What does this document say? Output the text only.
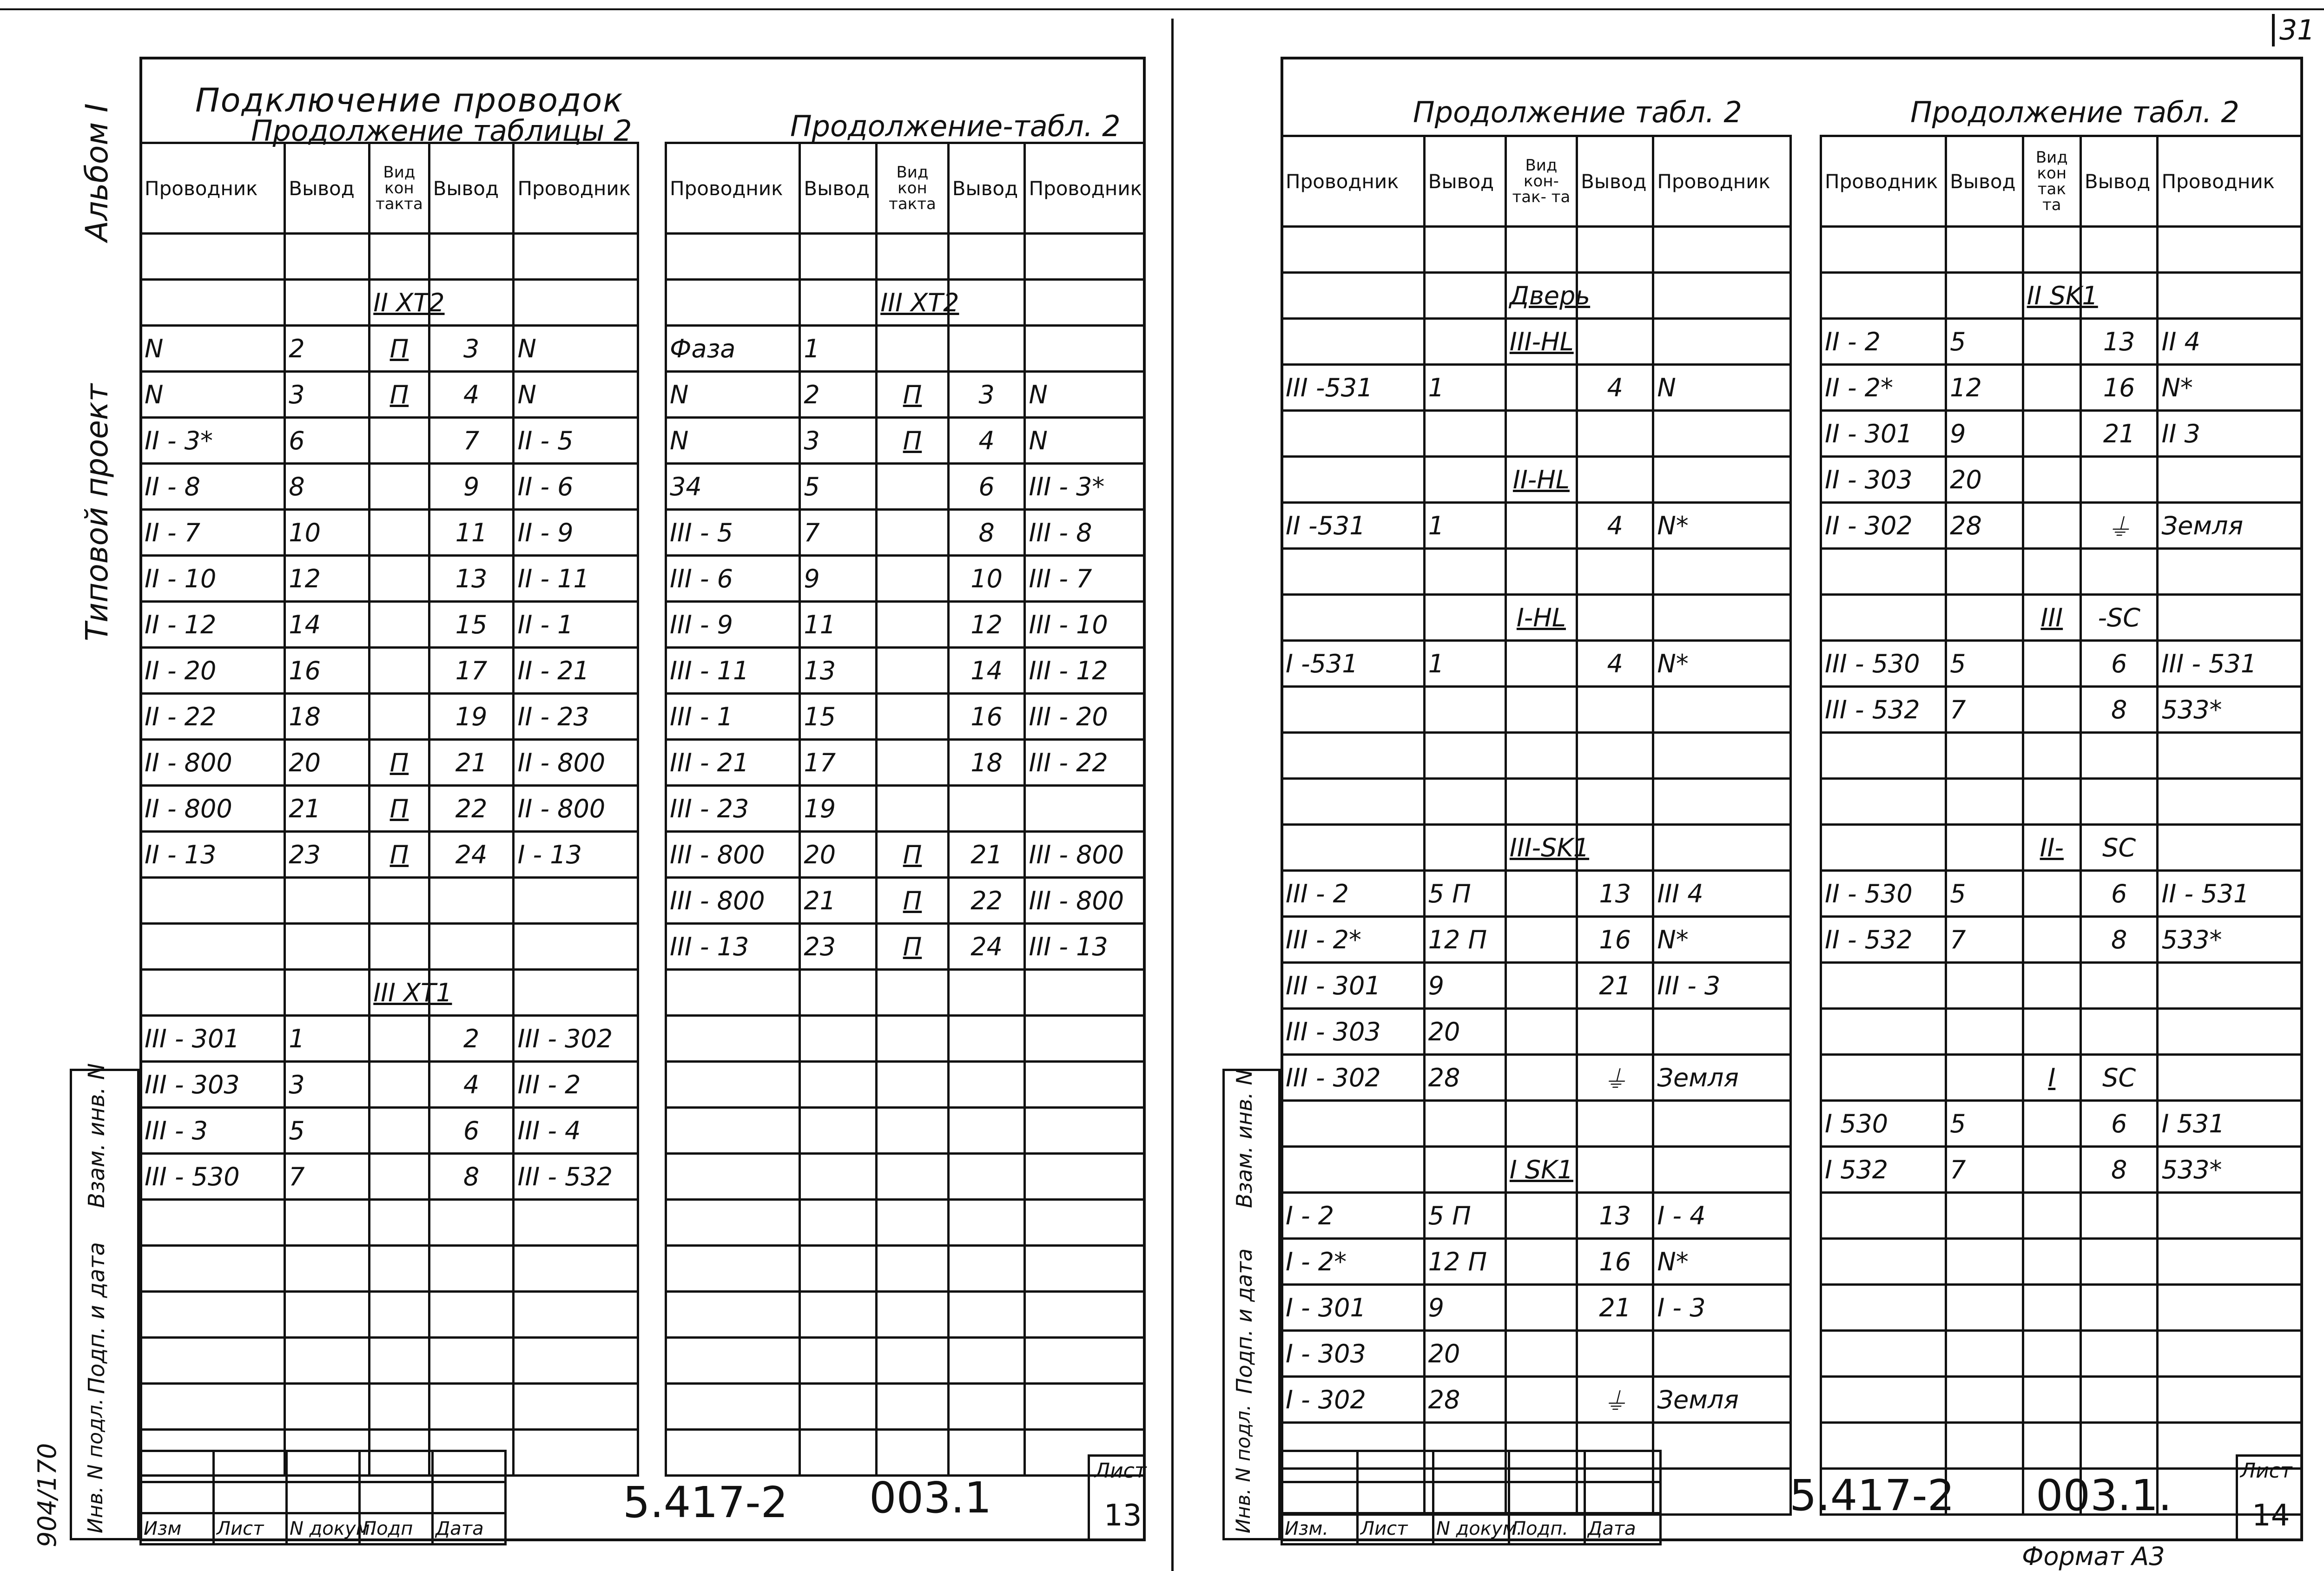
31
Альбом I
Типовой проект
Подключение проводок
Продолжение таблицы 2	Продолжение-табл. 2
Проводник	Вывод	Вид кон такта	Вывод	Проводник

		II XT2		
N	2	П	3	N
N	3	П	4	N
II - 3*	6		7	II - 5
II - 8	8		9	II - 6
II - 7	10		11	II - 9
II - 10	12		13	II - 11
II - 12	14		15	II - 1
II - 20	16		17	II - 21
II - 22	18		19	II - 23
II - 800	20	П	21	II - 800
II - 800	21	П	22	II - 800
II - 13	23	П	24	I - 13

		III XT1		
III - 301	1		2	III - 302
III - 303	3		4	III - 2
III - 3	5		6	III - 4
III - 530	7		8	III - 532

Проводник	Вывод	Вид кон такта	Вывод	Проводник

		III XT2		
Фаза	1			
N	2	П	3	N
N	3	П	4	N
34	5		6	III - 3*
III - 5	7		8	III - 8
III - 6	9		10	III - 7
III - 9	11		12	III - 10
III - 11	13		14	III - 12
III - 1	15		16	III - 20
III - 21	17		18	III - 22
III - 23	19			
III - 800	20	П	21	III - 800
III - 800	21	П	22	III - 800
III - 13	23	П	24	III - 13

Взам. инв. N
Подп. и дата
Инв. N подл.
904/170

					Изм	Лист	N докум.	Подп	Дата
5.417-2 003.1
Лист
13
Продолжение табл. 2	Продолжение табл. 2
Проводник	Вывод	Вид кон- так- та	Вывод	Проводник

		Дверь		
		III-HL		
III -531	1		4	N

		II-HL		
II -531	1		4	N*

		I-HL		
I -531	1		4	N*

		III-SK1		
III - 2	5 П		13	III 4
III - 2*	12 П		16	N*
III - 301	9		21	III - 3
III - 303	20			
III - 302	28		⏚	Земля

		I SK1		
I - 2	5 П		13	I - 4
I - 2*	12 П		16	N*
I - 301	9		21	I - 3
I - 303	20			
I - 302	28		⏚	Земля

Проводник	Вывод	Вид кон так та	Вывод	Проводник

		II SK1		
II - 2	5		13	II 4
II - 2*	12		16	N*
II - 301	9		21	II 3
II - 303	20			
II - 302	28		⏚	Земля

		III	-SC	
III - 530	5		6	III - 531
III - 532	7		8	533*

		II-	SC	
II - 530	5		6	II - 531
II - 532	7		8	533*

		I	SC	
I 530	5		6	I 531
I 532	7		8	533*

Взам. инв. N
Подп. и дата
Инв. N подл.

				Изм.	Лист	N докум.	Подп.	Дата
5.417-2 003.1.	Лист
14
Формат А3
